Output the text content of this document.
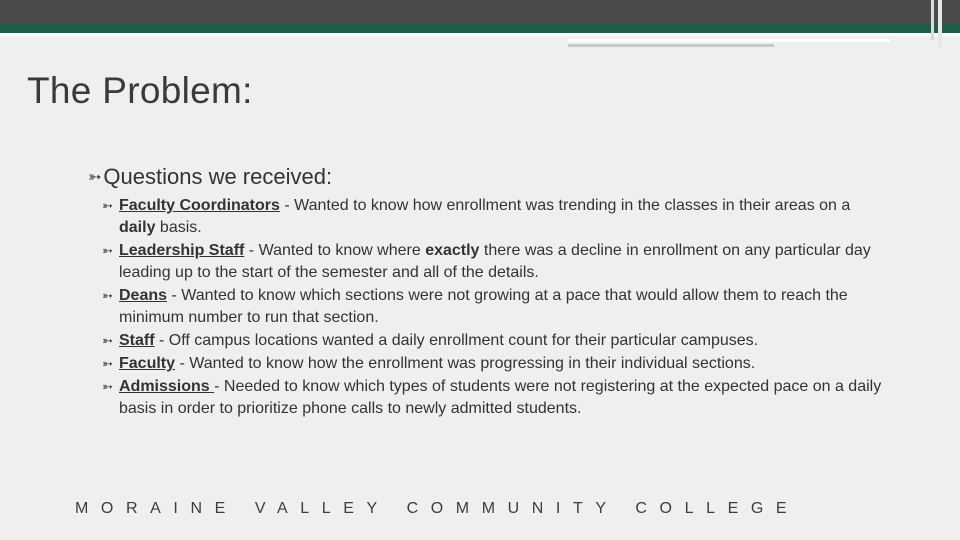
The Problem:
➳Questions we received:
➳ Faculty Coordinators - Wanted to know how enrollment was trending in the classes in their areas on a daily basis.
➳ Leadership Staff - Wanted to know where exactly there was a decline in enrollment on any particular day leading up to the start of the semester and all of the details.
➳ Deans - Wanted to know which sections were not growing at a pace that would allow them to reach the minimum number to run that section.
➳ Staff - Off campus locations wanted a daily enrollment count for their particular campuses.
➳ Faculty - Wanted to know how the enrollment was progressing in their individual sections.
➳ Admissions - Needed to know which types of students were not registering at the expected pace on a daily basis in order to prioritize phone calls to newly admitted students.
MORAINE VALLEY COMMUNITY COLLEGE
